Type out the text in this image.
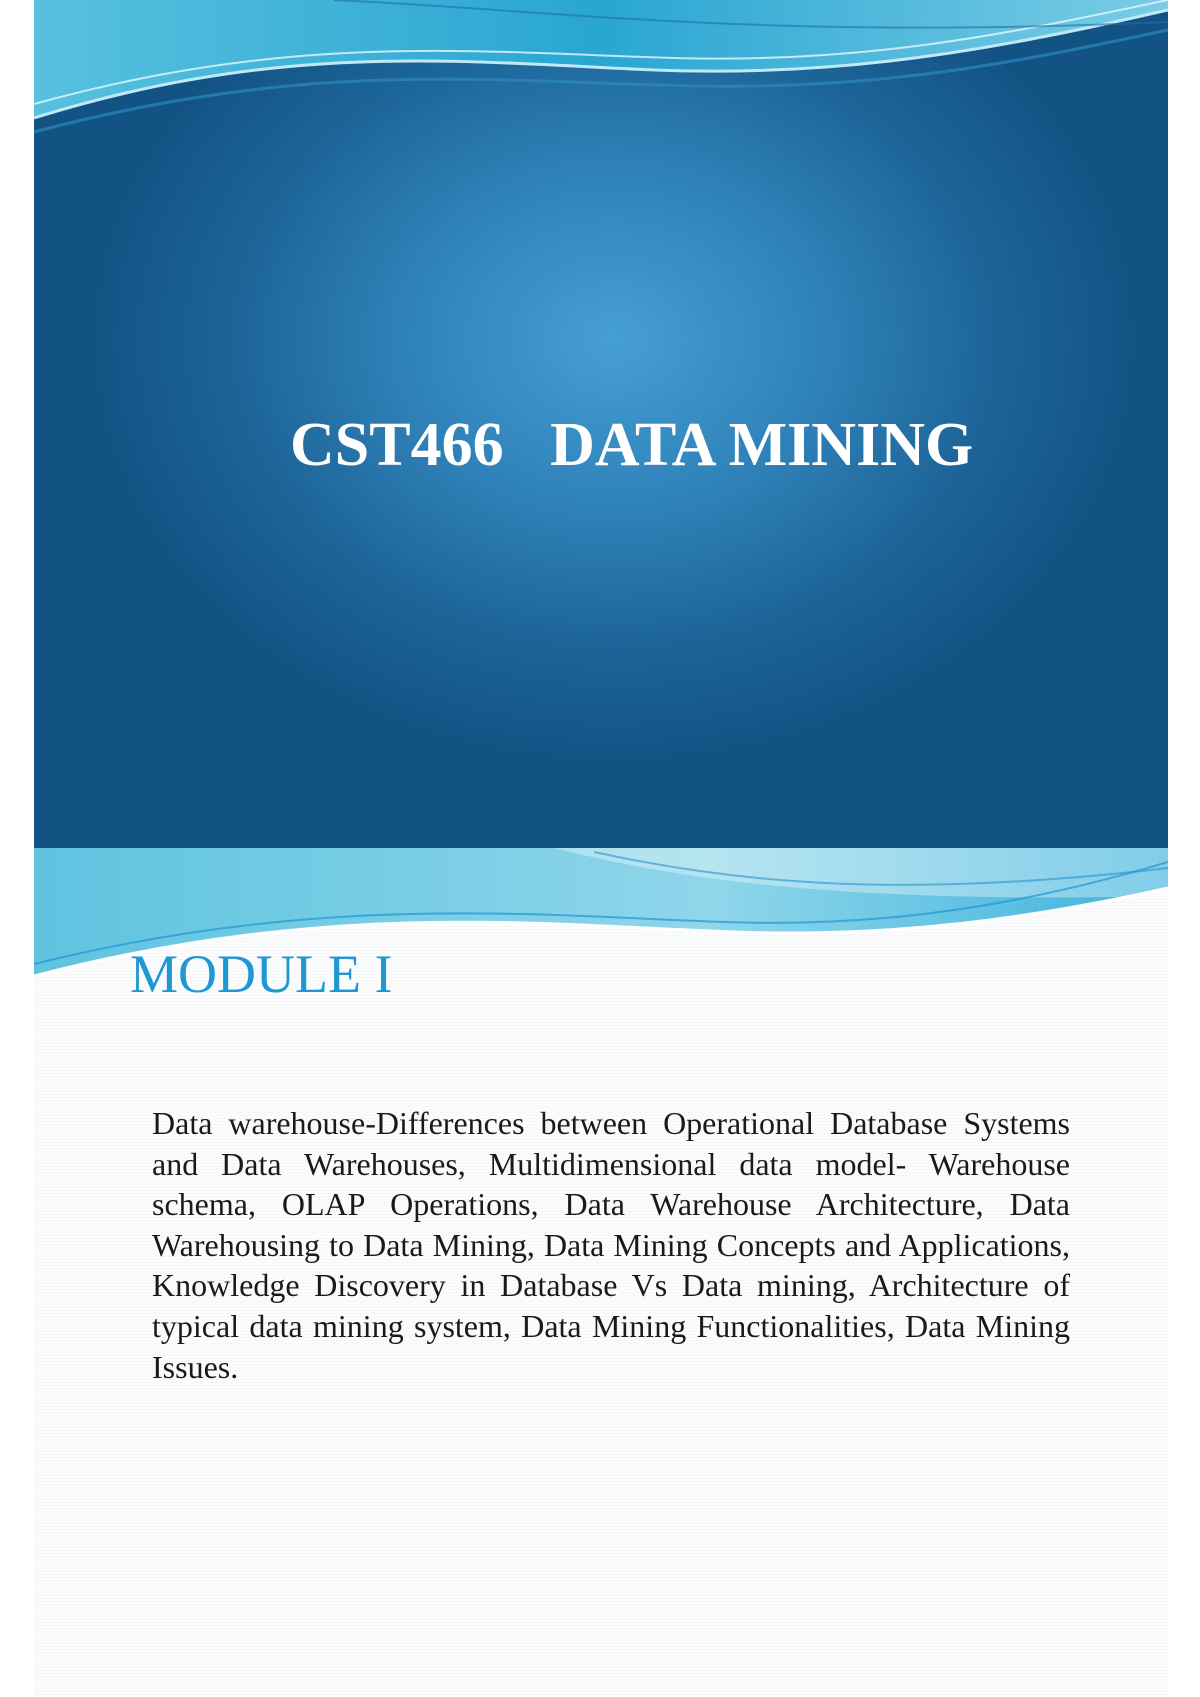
CST466   DATA MINING
MODULE I

Data warehouse-Differences between Operational Database Systems and Data Warehouses, Multidimensional data model- Warehouse schema, OLAP Operations, Data Warehouse Architecture, Data Warehousing to Data Mining, Data Mining Concepts and Applications, Knowledge Discovery in Database Vs Data mining, Architecture of typical data mining system, Data Mining Functionalities, Data Mining Issues.
